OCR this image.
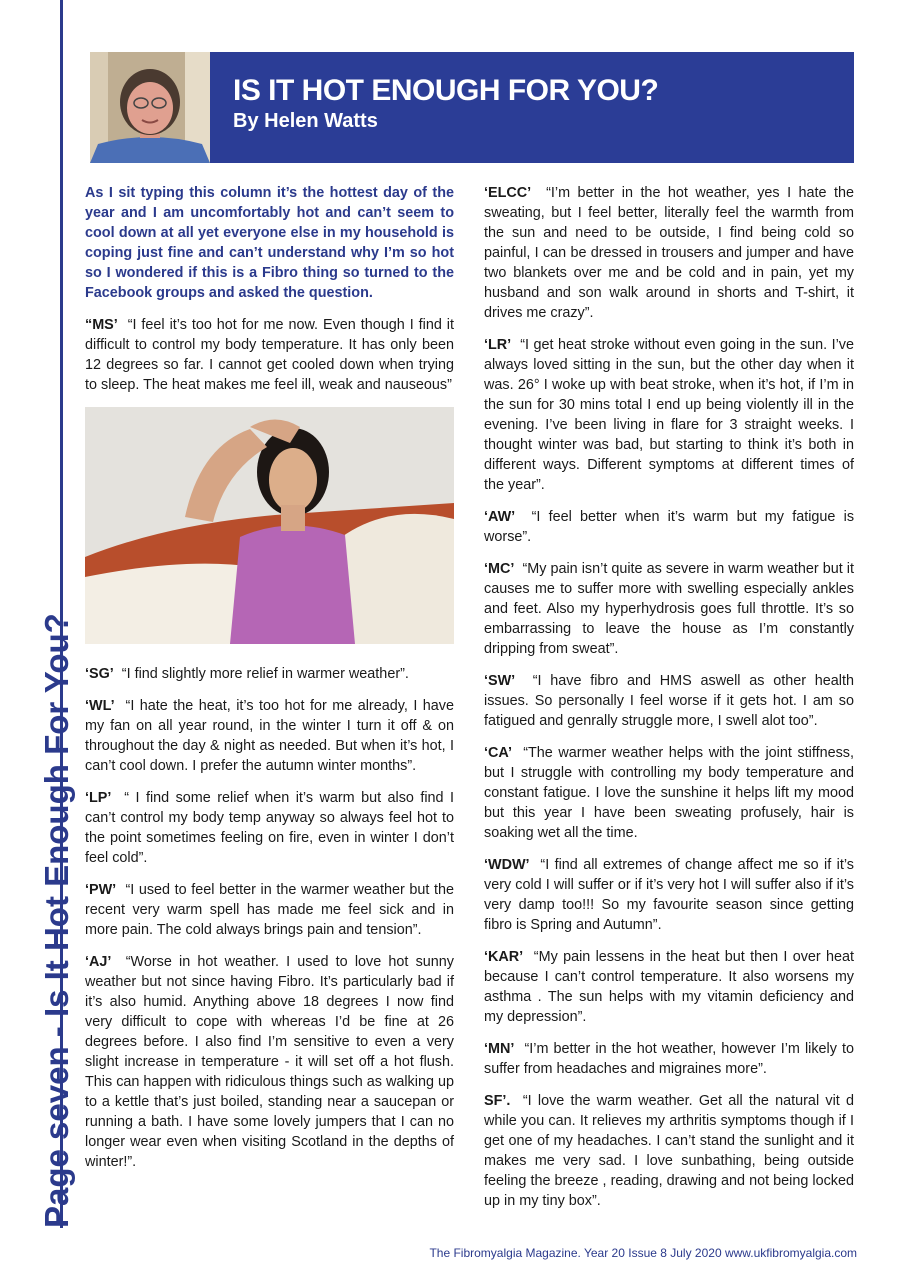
Page seven - Is It Hot Enough For You?
IS IT HOT ENOUGH FOR YOU?
By Helen Watts

As I sit typing this column it’s the hottest day of the year and I am uncomfortably hot and can’t seem to cool down at all yet everyone else in my household is coping just fine and can’t understand why I’m so hot so I wondered if this is a Fibro thing so turned to the Facebook groups and asked the question.

“MS’ “I feel it’s too hot for me now. Even though I find it difficult to control my body temperature. It has only been 12 degrees so far. I cannot get cooled down when trying to sleep. The heat makes me feel ill, weak and nauseous”

‘SG’ “I find slightly more relief in warmer weather”.

‘WL’ “I hate the heat, it’s too hot for me already, I have my fan on all year round, in the winter I turn it off & on throughout the day & night as needed. But when it’s hot, I can’t cool down. I prefer the autumn winter months”.

‘LP’ “ I find some relief when it’s warm but also find I can’t control my body temp anyway so always feel hot to the point sometimes feeling on fire, even in winter I don’t feel cold”.

‘PW’ “I used to feel better in the warmer weather but the recent very warm spell has made me feel sick and in more pain. The cold always brings pain and tension”.

‘AJ’ “Worse in hot weather. I used to love hot sunny weather but not since having Fibro. It’s particularly bad if it’s also humid. Anything above 18 degrees I now find very difficult to cope with whereas I’d be fine at 26 degrees before. I also find I’m sensitive to even a very slight increase in temperature - it will set off a hot flush. This can happen with ridiculous things such as walking up to a kettle that’s just boiled, standing near a saucepan or running a bath. I have some lovely jumpers that I can no longer wear even when visiting Scotland in the depths of winter!”.

‘ELCC’ “I’m better in the hot weather, yes I hate the sweating, but I feel better, literally feel the warmth from the sun and need to be outside, I find being cold so painful, I can be dressed in trousers and jumper and have two blankets over me and be cold and in pain, yet my husband and son walk around in shorts and T-shirt, it drives me crazy”.

‘LR’ “I get heat stroke without even going in the sun. I’ve always loved sitting in the sun, but the other day when it was. 26° I woke up with beat stroke, when it’s hot, if I’m in the sun for 30 mins total I end up being violently ill in the evening. I’ve been living in flare for 3 straight weeks. I thought winter was bad, but starting to think it’s both in different ways. Different symptoms at different times of the year”.

‘AW’ “I feel better when it’s warm but my fatigue is worse”.

‘MC’ “My pain isn’t quite as severe in warm weather but it causes me to suffer more with swelling especially ankles and feet. Also my hyperhydrosis goes full throttle. It’s so embarrassing to leave the house as I’m constantly dripping from sweat”.

‘SW’ “I have fibro and HMS aswell as other health issues. So personally I feel worse if it gets hot. I am so fatigued and genrally struggle more, I swell alot too”.

‘CA’ “The warmer weather helps with the joint stiffness, but I struggle with controlling my body temperature and constant fatigue. I love the sunshine it helps lift my mood but this year I have been sweating profusely, hair is soaking wet all the time.

‘WDW’ “I find all extremes of change affect me so if it’s very cold I will suffer or if it’s very hot I will suffer also if it’s very damp too!!! So my favourite season since getting fibro is Spring and Autumn”.

‘KAR’ “My pain lessens in the heat but then I over heat because I can’t control temperature. It also worsens my asthma . The sun helps with my vitamin deficiency and my depression”.

‘MN’ “I’m better in the hot weather, however I’m likely to suffer from headaches and migraines more”.

SF’. “I love the warm weather. Get all the natural vit d while you can. It relieves my arthritis symptoms though if I get one of my headaches. I can’t stand the sunlight and it makes me very sad. I love sunbathing, being outside feeling the breeze , reading, drawing and not being locked up in my tiny box”.

The Fibromyalgia Magazine. Year 20 Issue 8 July 2020 www.ukfibromyalgia.com
